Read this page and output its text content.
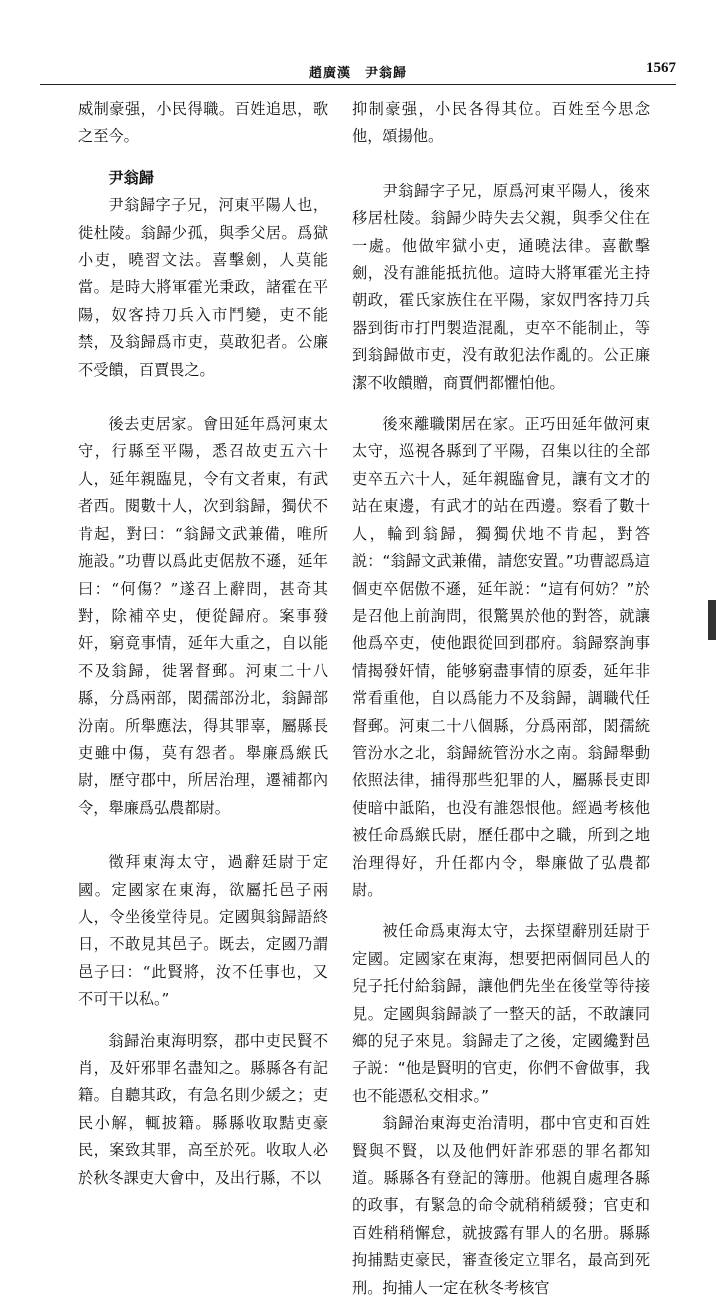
趙廣漢　尹翁歸	1567

威制豪强，小民得職。百姓追思，歌之至今。

尹翁歸

尹翁歸字子兄，河東平陽人也，徙杜陵。翁歸少孤，與季父居。爲獄小吏，曉習文法。喜擊劍，人莫能當。是時大將軍霍光秉政，諸霍在平陽，奴客持刀兵入市鬥變，吏不能禁，及翁歸爲市吏，莫敢犯者。公廉不受饋，百賈畏之。

後去吏居家。會田延年爲河東太守，行縣至平陽，悉召故吏五六十人，延年親臨見，令有文者東，有武者西。閱數十人，次到翁歸，獨伏不肯起，對曰：“翁歸文武兼備，唯所施設。”功曹以爲此吏倨敖不遜，延年曰：“何傷？”遂召上辭問，甚奇其對，除補卒史，便從歸府。案事發奸，窮竟事情，延年大重之，自以能不及翁歸，徙署督郵。河東二十八縣，分爲兩部，閎孺部汾北，翁歸部汾南。所舉應法，得其罪辜，屬縣長吏雖中傷，莫有怨者。舉廉爲緱氏尉，歷守郡中，所居治理，遷補都內令，舉廉爲弘農都尉。

徵拜東海太守，過辭廷尉于定國。定國家在東海，欲屬托邑子兩人，令坐後堂待見。定國與翁歸語終日，不敢見其邑子。既去，定國乃謂邑子曰：“此賢將，汝不任事也，又不可干以私。”

翁歸治東海明察，郡中吏民賢不肖，及奸邪罪名盡知之。縣縣各有記籍。自聽其政，有急名則少緩之；吏民小解，輒披籍。縣縣收取黠吏豪民，案致其罪，高至於死。收取人必於秋冬課吏大會中，及出行縣，不以

抑制豪强，小民各得其位。百姓至今思念他，頌揚他。

尹翁歸字子兄，原爲河東平陽人，後來移居杜陵。翁歸少時失去父親，與季父住在一處。他做牢獄小吏，通曉法律。喜歡擊劍，没有誰能抵抗他。這時大將軍霍光主持朝政，霍氏家族住在平陽，家奴門客持刀兵器到街市打門製造混亂，吏卒不能制止，等到翁歸做市吏，没有敢犯法作亂的。公正廉潔不收饋贈，商賈們都懼怕他。

後來離職閑居在家。正巧田延年做河東太守，巡視各縣到了平陽，召集以往的全部吏卒五六十人，延年親臨會見，讓有文才的站在東邊，有武才的站在西邊。察看了數十人，輪到翁歸，獨獨伏地不肯起，對答説：“翁歸文武兼備，請您安置。”功曹認爲這個吏卒倨傲不遜，延年説：“這有何妨？”於是召他上前詢問，很驚異於他的對答，就讓他爲卒吏，使他跟從回到郡府。翁歸察詢事情揭發奸情，能够窮盡事情的原委，延年非常看重他，自以爲能力不及翁歸，調職代任督郵。河東二十八個縣，分爲兩部，閎孺統管汾水之北，翁歸統管汾水之南。翁歸舉動依照法律，捕得那些犯罪的人，屬縣長吏即使暗中詆陷，也没有誰怨恨他。經過考核他被任命爲緱氏尉，歷任郡中之職，所到之地治理得好，升任都内令，舉廉做了弘農都尉。

被任命爲東海太守，去探望辭別廷尉于定國。定國家在東海，想要把兩個同邑人的兒子托付給翁歸，讓他們先坐在後堂等待接見。定國與翁歸談了一整天的話，不敢讓同鄉的兒子來見。翁歸走了之後，定國纔對邑子説：“他是賢明的官吏，你們不會做事，我也不能憑私交相求。”

翁歸治東海吏治清明，郡中官吏和百姓賢與不賢，以及他們奸詐邪惡的罪名都知道。縣縣各有登記的簿册。他親自處理各縣的政事，有緊急的命令就稍稍緩發；官吏和百姓稍稍懈怠，就披露有罪人的名册。縣縣拘捕黠吏豪民，審查後定立罪名，最高到死刑。拘捕人一定在秋冬考核官
